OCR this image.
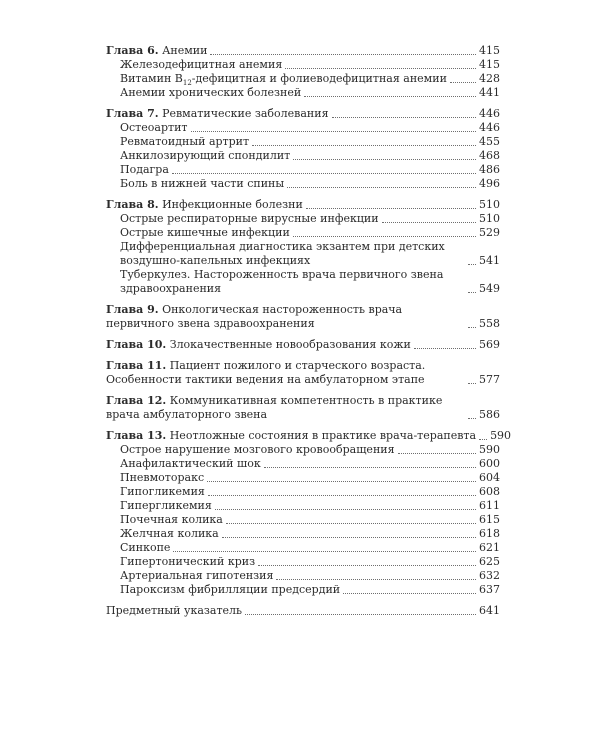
Глава 6. Анемии	415
Железодефицитная анемия	415
Витамин $B_{12}$-дефицитная и фолиеводефицитная анемии	428
Анемии хронических болезней	441
Глава 7. Ревматические заболевания	446
Остеоартит	446
Ревматоидный артрит	455
Анкилозирующий спондилит	468
Подагра	486
Боль в нижней части спины	496
Глава 8. Инфекционные болезни	510
Острые респираторные вирусные инфекции	510
Острые кишечные инфекции	529
Дифференциальная диагностика экзантем при детских воздушно-капельных инфекциях	541
Туберкулез. Настороженность врача первичного звена здравоохранения	549
Глава 9. Онкологическая настороженность врача первичного звена здравоохранения	558
Глава 10. Злокачественные новообразования кожи	569
Глава 11. Пациент пожилого и старческого возраста. Особенности тактики ведения на амбулаторном этапе	577
Глава 12. Коммуникативная компетентность в практике врача амбулаторного звена	586
Глава 13. Неотложные состояния в практике врача-терапевта 590
Острое нарушение мозгового кровообращения	590
Анафилактический шок	600
Пневмоторакс	604
Гипогликемия	608
Гипергликемия	611
Почечная колика	615
Желчная колика	618
Синкопе	621
Гипертонический криз	625
Артериальная гипотензия	632
Пароксизм фибрилляции предсердий	637
Предметный указатель	641
